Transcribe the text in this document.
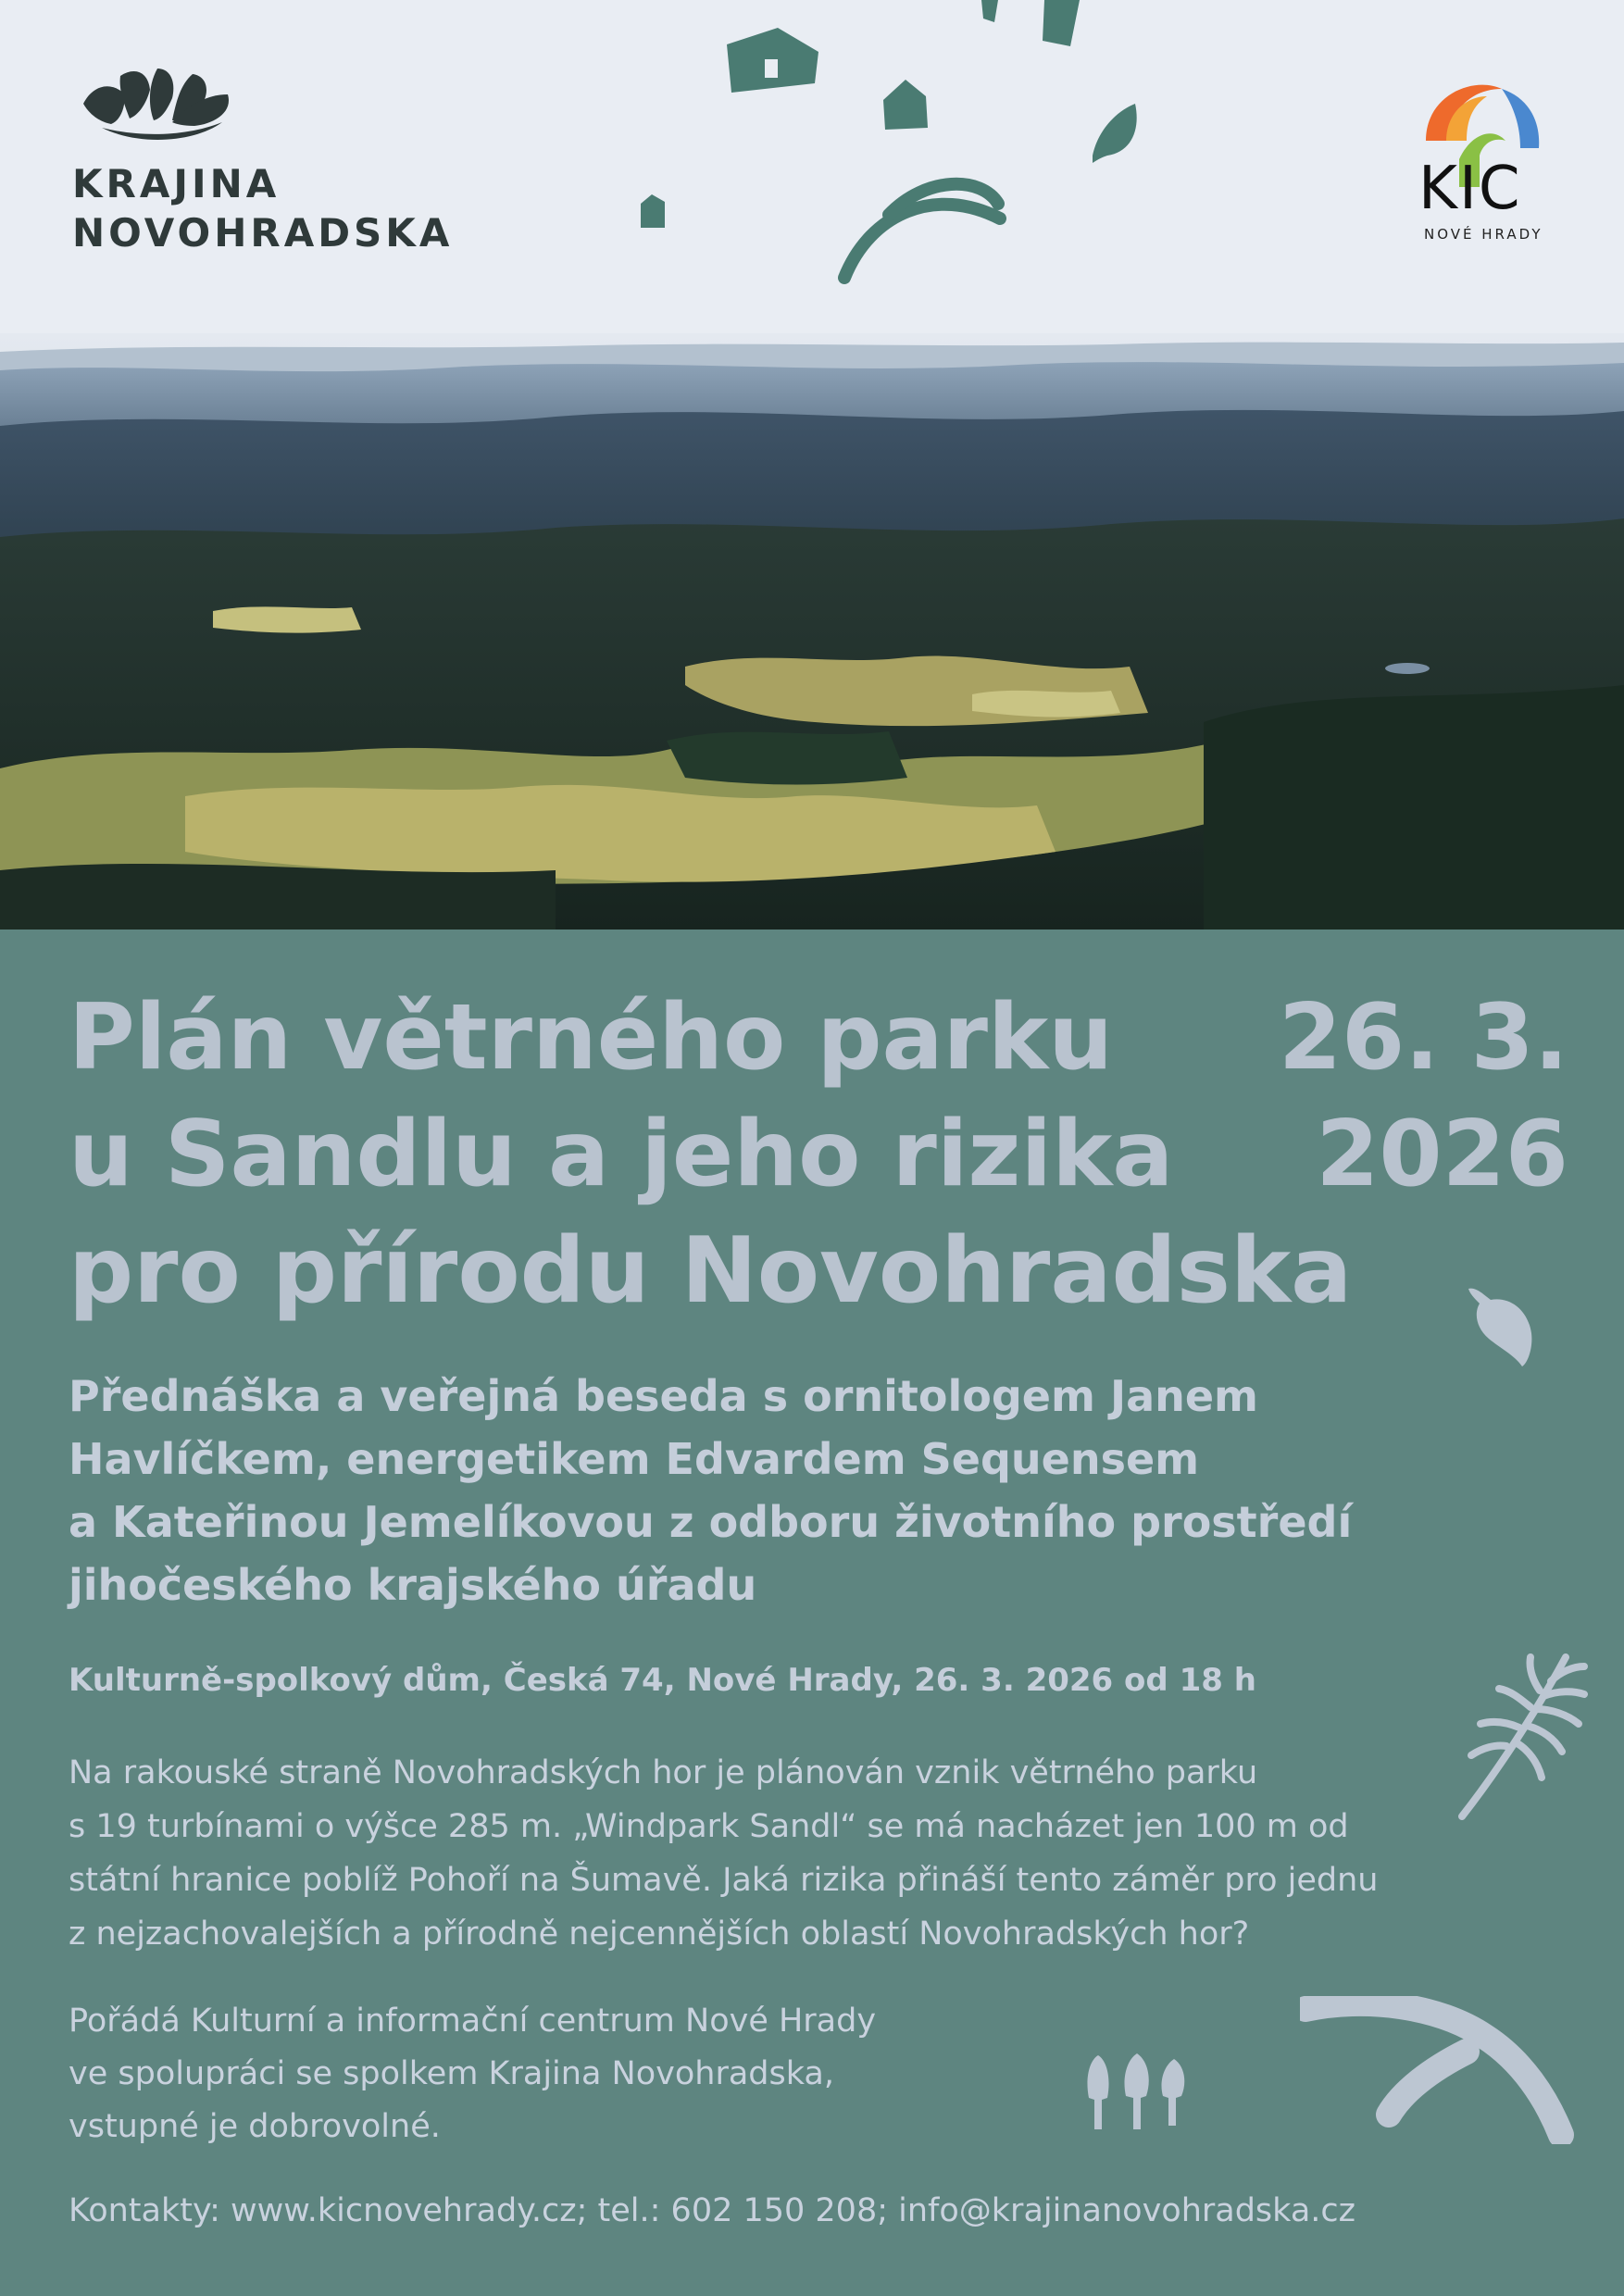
KRAJINA
NOVOHRADSKA
KIC
NOVÉ HRADY
Plán větrného parku
u Sandlu a jeho rizika
pro přírodu Novohradska
26. 3.
2026
Přednáška a veřejná beseda s ornitologem Janem
Havlíčkem, energetikem Edvardem Sequensem
a Kateřinou Jemelíkovou z odboru životního prostředí
jihočeského krajského úřadu
Kulturně-spolkový dům, Česká 74, Nové Hrady, 26. 3. 2026 od 18 h

Na rakouské straně Novohradských hor je plánován vznik větrného parku
s 19 turbínami o výšce 285 m. „Windpark Sandl“ se má nacházet jen 100 m od
státní hranice poblíž Pohoří na Šumavě. Jaká rizika přináší tento záměr pro jednu
z nejzachovalejších a přírodně nejcennějších oblastí Novohradských hor?

Pořádá Kulturní a informační centrum Nové Hrady
ve spolupráci se spolkem Krajina Novohradska,
vstupné je dobrovolné.

Kontakty: www.kicnovehrady.cz; tel.: 602 150 208; info@krajinanovohradska.cz
